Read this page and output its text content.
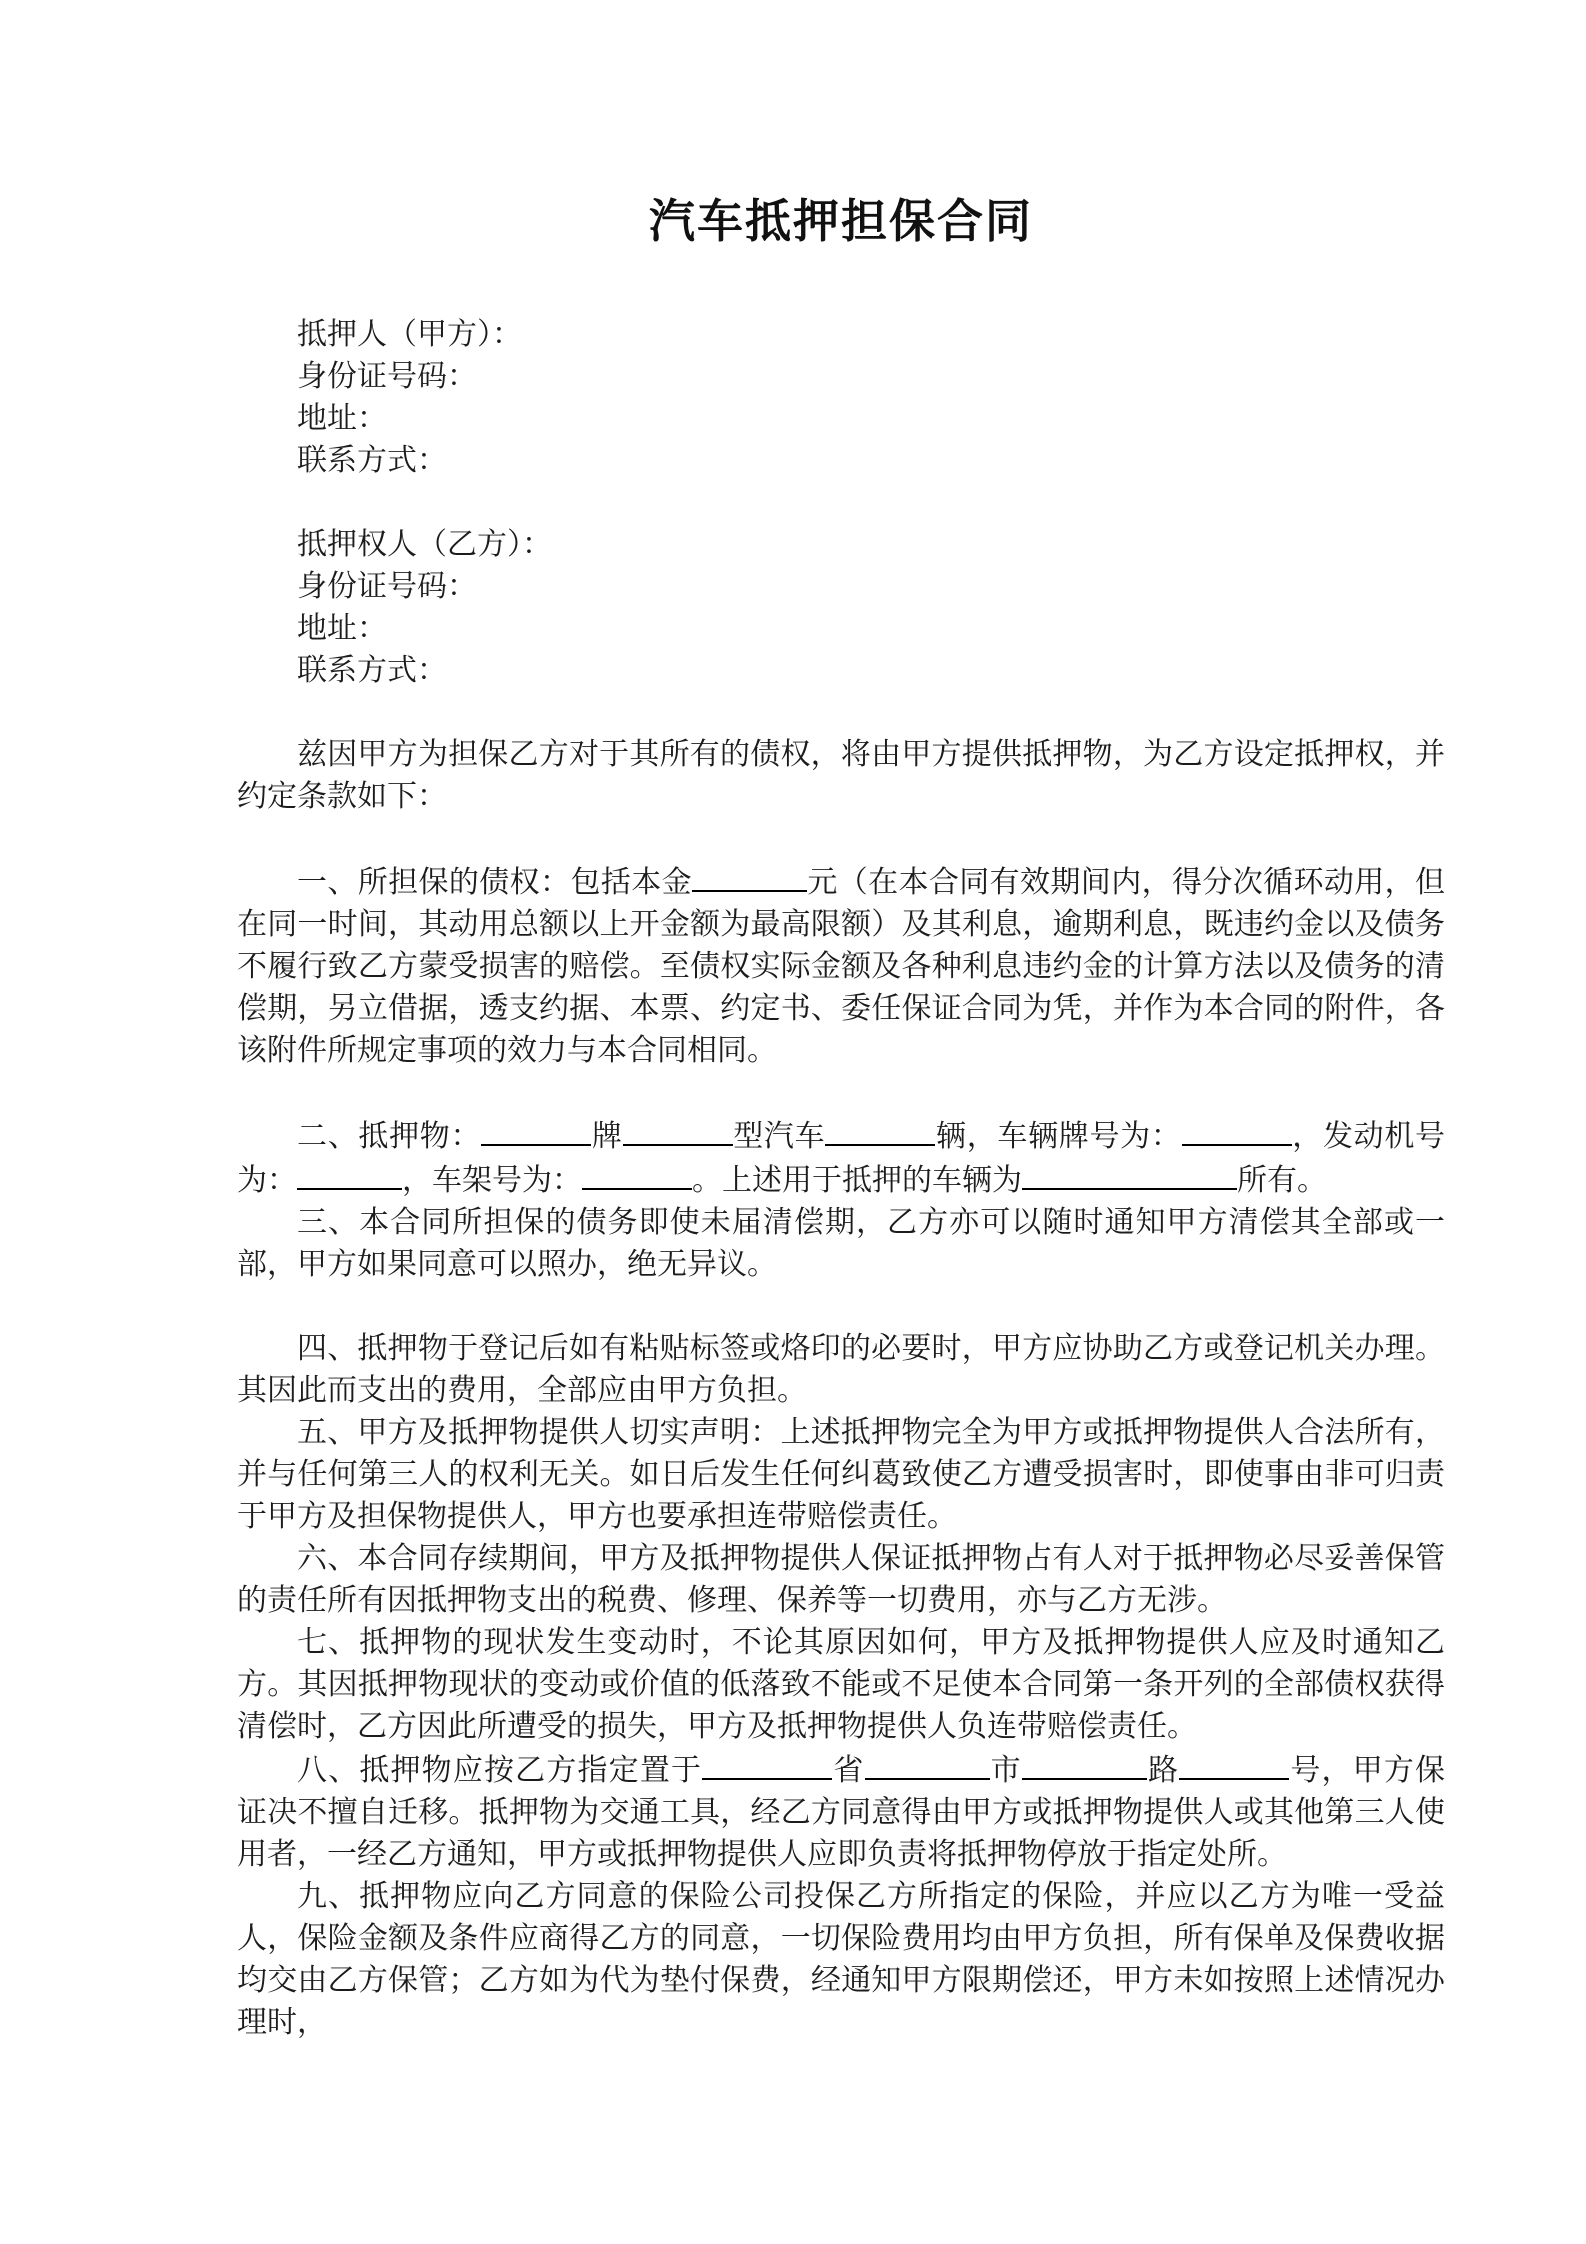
汽车抵押担保合同

抵押人（甲方）：

身份证号码：

地址：

联系方式：

抵押权人（乙方）：

身份证号码：

地址：

联系方式：

兹因甲方为担保乙方对于其所有的债权，将由甲方提供抵押物，为乙方设定抵押权，并约定条款如下：

一、所担保的债权：包括本金	元（在本合同有效期间内，得分次循环动用，但在同一时间，其动用总额以上开金额为最高限额）及其利息，逾期利息，既违约金以及债务不履行致乙方蒙受损害的赔偿。至债权实际金额及各种利息违约金的计算方法以及债务的清偿期，另立借据，透支约据、本票、约定书、委任保证合同为凭，并作为本合同的附件，各该附件所规定事项的效力与本合同相同。

二、抵押物：	牌	型汽车	辆，车辆牌号为：	，发动机号为：	，车架号为：	。上述用于抵押的车辆为	所有。

三、本合同所担保的债务即使未届清偿期，乙方亦可以随时通知甲方清偿其全部或一部，甲方如果同意可以照办，绝无异议。

四、抵押物于登记后如有粘贴标签或烙印的必要时，甲方应协助乙方或登记机关办理。其因此而支出的费用，全部应由甲方负担。

五、甲方及抵押物提供人切实声明：上述抵押物完全为甲方或抵押物提供人合法所有，并与任何第三人的权利无关。如日后发生任何纠葛致使乙方遭受损害时，即使事由非可归责于甲方及担保物提供人，甲方也要承担连带赔偿责任。

六、本合同存续期间，甲方及抵押物提供人保证抵押物占有人对于抵押物必尽妥善保管的责任所有因抵押物支出的税费、修理、保养等一切费用，亦与乙方无涉。

七、抵押物的现状发生变动时，不论其原因如何，甲方及抵押物提供人应及时通知乙方。其因抵押物现状的变动或价值的低落致不能或不足使本合同第一条开列的全部债权获得清偿时，乙方因此所遭受的损失，甲方及抵押物提供人负连带赔偿责任。

八、抵押物应按乙方指定置于	省	市	路	号，甲方保证决不擅自迁移。抵押物为交通工具，经乙方同意得由甲方或抵押物提供人或其他第三人使用者，一经乙方通知，甲方或抵押物提供人应即负责将抵押物停放于指定处所。

九、抵押物应向乙方同意的保险公司投保乙方所指定的保险，并应以乙方为唯一受益人，保险金额及条件应商得乙方的同意，一切保险费用均由甲方负担，所有保单及保费收据均交由乙方保管；乙方如为代为垫付保费，经通知甲方限期偿还，甲方未如按照上述情况办理时，
